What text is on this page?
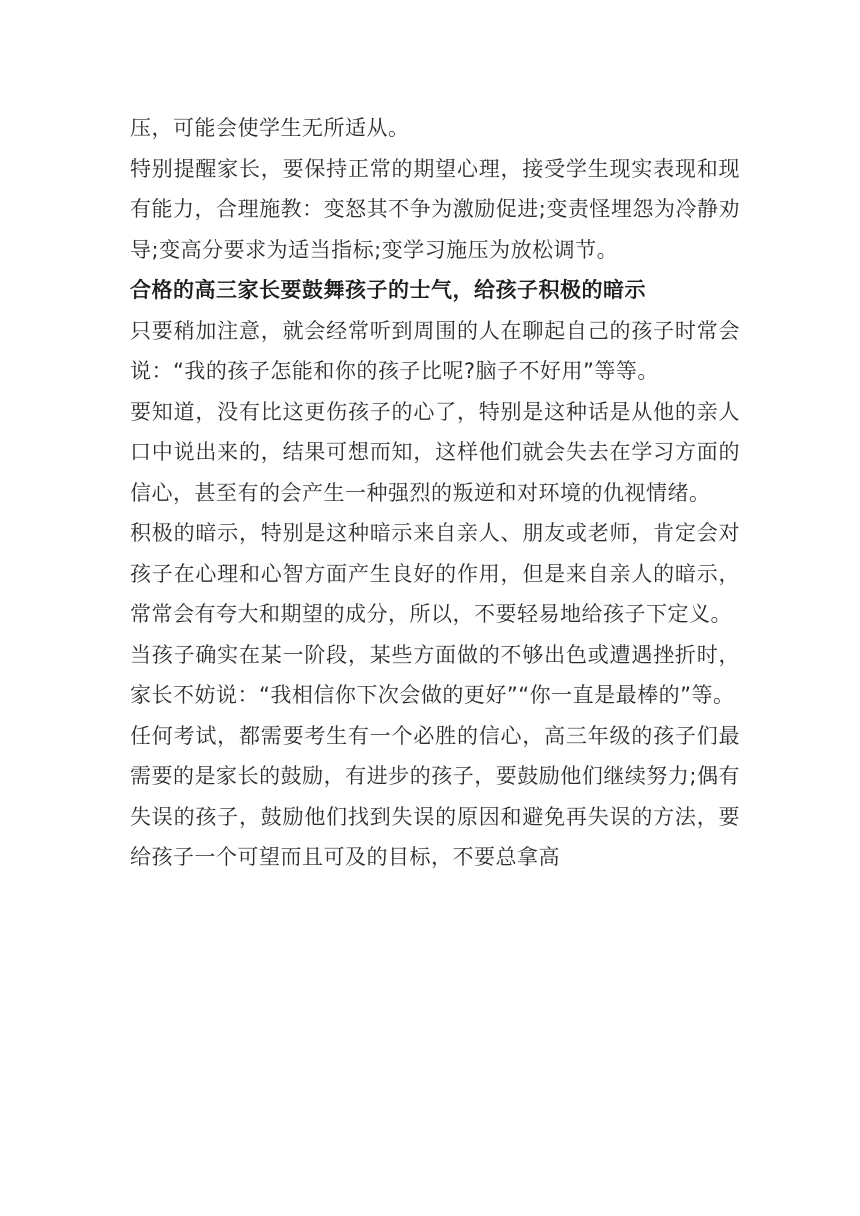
压，可能会使学生无所适从。

特别提醒家长，要保持正常的期望心理，接受学生现实表现和现有能力，合理施教：变怒其不争为激励促进;变责怪埋怨为冷静劝导;变高分要求为适当指标;变学习施压为放松调节。

合格的高三家长要鼓舞孩子的士气，给孩子积极的暗示

只要稍加注意，就会经常听到周围的人在聊起自己的孩子时常会说：“我的孩子怎能和你的孩子比呢?脑子不好用”等等。

要知道，没有比这更伤孩子的心了，特别是这种话是从他的亲人口中说出来的，结果可想而知，这样他们就会失去在学习方面的信心，甚至有的会产生一种强烈的叛逆和对环境的仇视情绪。

积极的暗示，特别是这种暗示来自亲人、朋友或老师，肯定会对孩子在心理和心智方面产生良好的作用，但是来自亲人的暗示，常常会有夸大和期望的成分，所以，不要轻易地给孩子下定义。

当孩子确实在某一阶段，某些方面做的不够出色或遭遇挫折时，家长不妨说：“我相信你下次会做的更好”“你一直是最棒的”等。

任何考试，都需要考生有一个必胜的信心，高三年级的孩子们最需要的是家长的鼓励，有进步的孩子，要鼓励他们继续努力;偶有失误的孩子，鼓励他们找到失误的原因和避免再失误的方法，要给孩子一个可望而且可及的目标，不要总拿高
